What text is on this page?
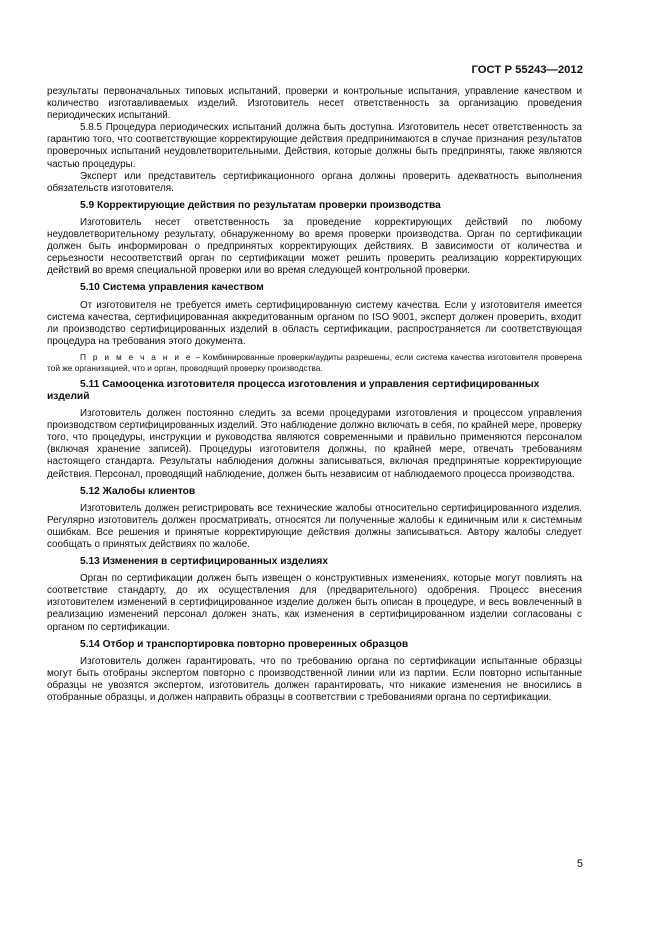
ГОСТ Р 55243—2012

результаты первоначальных типовых испытаний, проверки и контрольные испытания, управление качеством и количество изготавливаемых изделий. Изготовитель несет ответственность за организацию проведения периодических испытаний.

5.8.5 Процедура периодических испытаний должна быть доступна. Изготовитель несет ответственность за гарантию того, что соответствующие корректирующие действия предпринимаются в случае признания результатов проверочных испытаний неудовлетворительными. Действия, которые должны быть предприняты, также являются частью процедуры.

Эксперт или представитель сертификационного органа должны проверить адекватность выполнения обязательств изготовителя.

5.9 Корректирующие действия по результатам проверки производства

Изготовитель несет ответственность за проведение корректирующих действий по любому неудовлетворительному результату, обнаруженному во время проверки производства. Орган по сертификации должен быть информирован о предпринятых корректирующих действиях. В зависимости от количества и серьезности несоответствий орган по сертификации может решить проверить реализацию корректирующих действий во время специальной проверки или во время следующей контрольной проверки.

5.10 Система управления качеством

От изготовителя не требуется иметь сертифицированную систему качества. Если у изготовителя имеется система качества, сертифицированная аккредитованным органом по ISO 9001, эксперт должен проверить, входит ли производство сертифицированных изделий в область сертификации, распространяется ли соответствующая процедура на требования этого документа.

П р и м е ч а н и е – Комбинированные проверки/аудиты разрешены, если система качества изготовителя проверена той же организацией, что и орган, проводящий проверку производства.

5.11 Самооценка изготовителя процесса изготовления и управления сертифицированных изделий

Изготовитель должен постоянно следить за всеми процедурами изготовления и процессом управления производством сертифицированных изделий. Это наблюдение должно включать в себя, по крайней мере, проверку того, что процедуры, инструкции и руководства являются современными и правильно применяются персоналом (включая хранение записей). Процедуры изготовителя должны, по крайней мере, отвечать требованиям настоящего стандарта. Результаты наблюдения должны записываться, включая предпринятые корректирующие действия. Персонал, проводящий наблюдение, должен быть независим от наблюдаемого процесса производства.

5.12 Жалобы клиентов

Изготовитель должен регистрировать все технические жалобы относительно сертифицированного изделия. Регулярно изготовитель должен просматривать, относятся ли полученные жалобы к единичным или к системным ошибкам. Все решения и принятые корректирующие действия должны записываться. Автору жалобы следует сообщать о принятых действиях по жалобе.

5.13 Изменения в сертифицированных изделиях

Орган по сертификации должен быть извещен о конструктивных изменениях, которые могут повлиять на соответствие стандарту, до их осуществления для (предварительного) одобрения. Процесс внесения изготовителем изменений в сертифицированное изделие должен быть описан в процедуре, и весь вовлеченный в реализацию изменений персонал должен знать, как изменения в сертифицированном изделии согласованы с органом по сертификации.

5.14 Отбор и транспортировка повторно проверенных образцов

Изготовитель должен гарантировать, что по требованию органа по сертификации испытанные образцы могут быть отобраны экспертом повторно с производственной линии или из партии. Если повторно испытанные образцы не увозятся экспертом, изготовитель должен гарантировать, что никакие изменения не вносились в отобранные образцы, и должен направить образцы в соответствии с требованиями органа по сертификации.

5
